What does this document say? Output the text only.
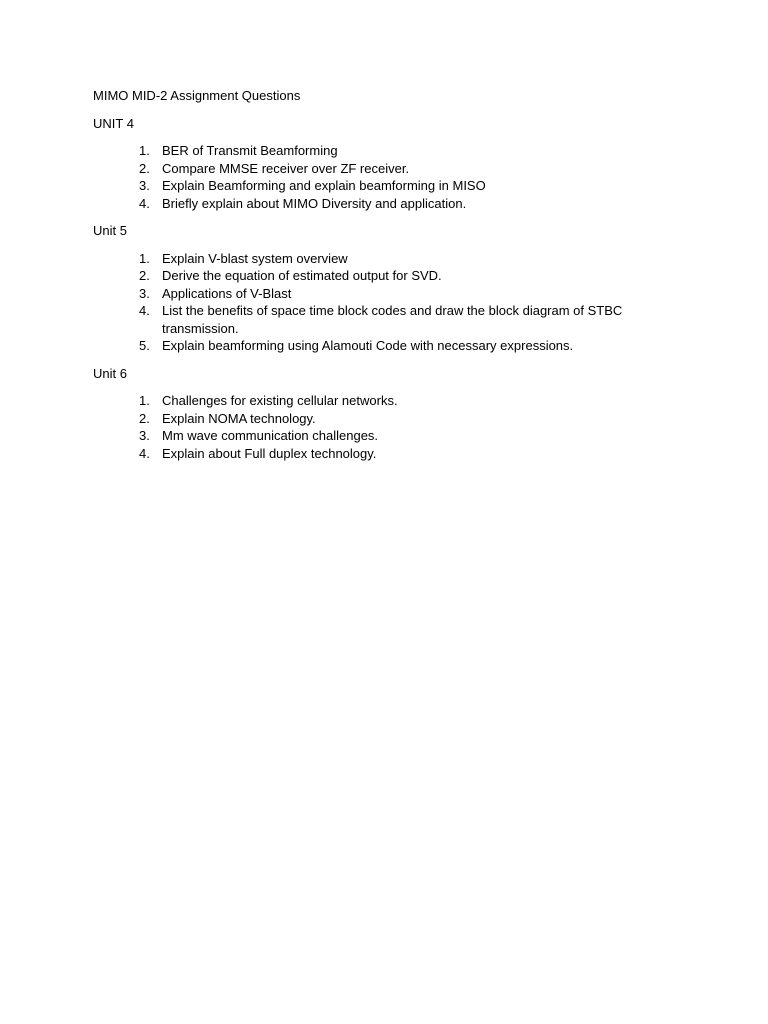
MIMO MID-2 Assignment Questions

UNIT 4

1. BER of Transmit Beamforming
2. Compare MMSE receiver over ZF receiver.
3. Explain Beamforming and explain beamforming in MISO
4. Briefly explain about MIMO Diversity and application.

Unit 5

1. Explain V-blast system overview
2. Derive the equation of estimated output for SVD.
3. Applications of V-Blast
4. List the benefits of space time block codes and draw the block diagram of STBC transmission.
5. Explain beamforming using Alamouti Code with necessary expressions.

Unit 6

1. Challenges for existing cellular networks.
2. Explain NOMA technology.
3. Mm wave communication challenges.
4. Explain about Full duplex technology.
